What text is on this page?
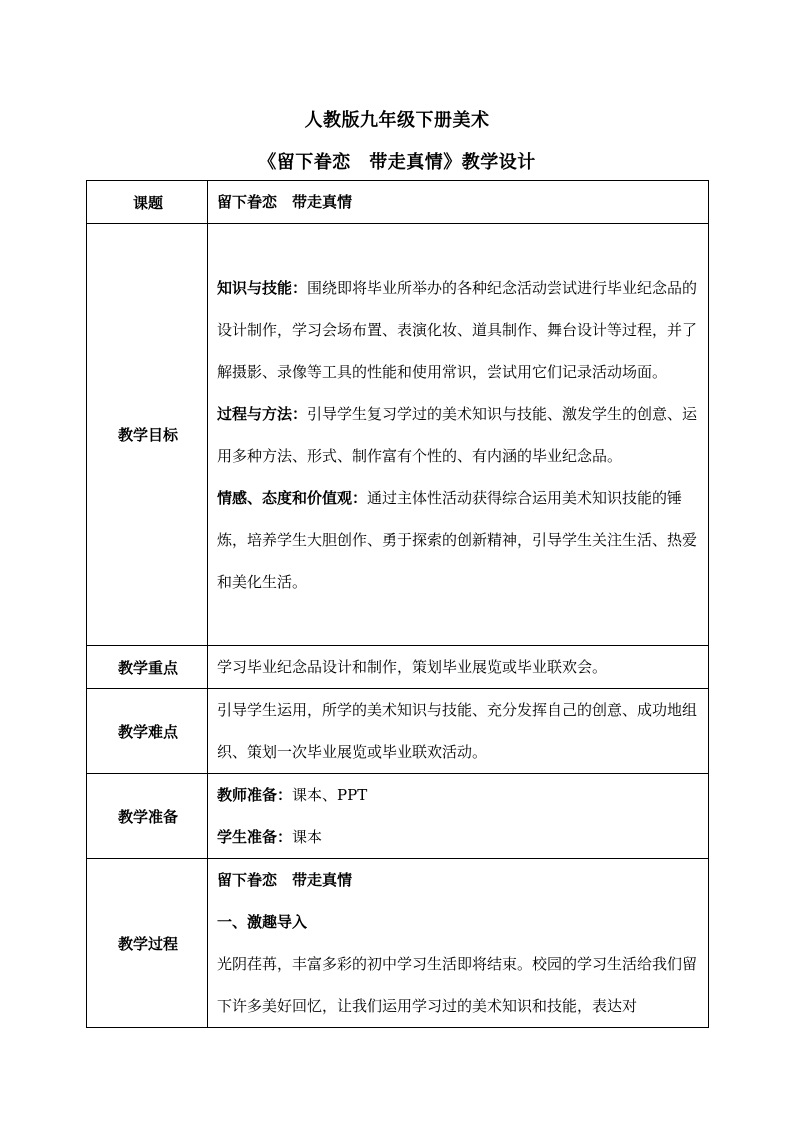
人教版九年级下册美术
《留下眷恋　带走真情》教学设计
课题	留下眷恋　带走真情
教学目标	知识与技能：围绕即将毕业所举办的各种纪念活动尝试进行毕业纪念品的设计制作，学习会场布置、表演化妆、道具制作、舞台设计等过程，并了解摄影、录像等工具的性能和使用常识，尝试用它们记录活动场面。
过程与方法：引导学生复习学过的美术知识与技能、激发学生的创意、运用多种方法、形式、制作富有个性的、有内涵的毕业纪念品。
情感、态度和价值观：通过主体性活动获得综合运用美术知识技能的锤炼，培养学生大胆创作、勇于探索的创新精神，引导学生关注生活、热爱和美化生活。

教学重点	学习毕业纪念品设计和制作，策划毕业展览或毕业联欢会。
教学难点	引导学生运用，所学的美术知识与技能、充分发挥自己的创意、成功地组织、策划一次毕业展览或毕业联欢活动。
教学准备	教师准备：课本、PPT
学生准备：课本

教学过程	留下眷恋　带走真情
一、激趣导入
光阴荏苒，丰富多彩的初中学习生活即将结束。校园的学习生活给我们留下许多美好回忆，让我们运用学习过的美术知识和技能，表达对
